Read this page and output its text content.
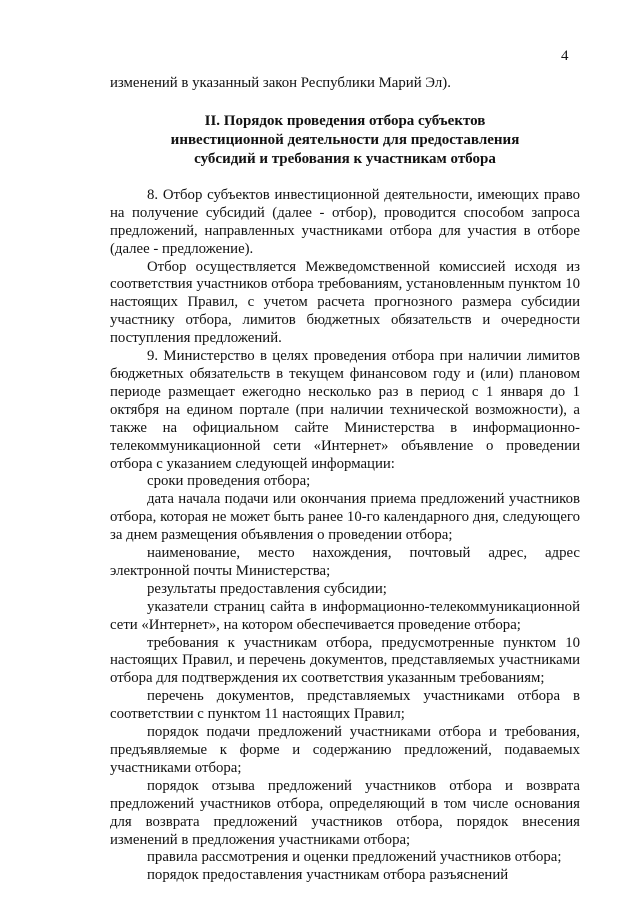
4

изменений в указанный закон Республики Марий Эл).

II. Порядок проведения отбора субъектов
инвестиционной деятельности для предоставления
субсидий и требования к участникам отбора

8. Отбор субъектов инвестиционной деятельности, имеющих право на получение субсидий (далее - отбор), проводится способом запроса предложений, направленных участниками отбора для участия в отборе (далее - предложение).

Отбор осуществляется Межведомственной комиссией исходя из соответствия участников отбора требованиям, установленным пунктом 10 настоящих Правил, с учетом расчета прогнозного размера субсидии участнику отбора, лимитов бюджетных обязательств и очередности поступления предложений.

9. Министерство в целях проведения отбора при наличии лимитов бюджетных обязательств в текущем финансовом году и (или) плановом периоде размещает ежегодно несколько раз в период с 1 января до 1 октября на едином портале (при наличии технической возможности), а также на официальном сайте Министерства в информационно-телекоммуникационной сети «Интернет» объявление о проведении отбора с указанием следующей информации:

сроки проведения отбора;

дата начала подачи или окончания приема предложений участников отбора, которая не может быть ранее 10-го календарного дня, следующего за днем размещения объявления о проведении отбора;

наименование, место нахождения, почтовый адрес, адрес электронной почты Министерства;

результаты предоставления субсидии;

указатели страниц сайта в информационно-телекоммуникационной сети «Интернет», на котором обеспечивается проведение отбора;

требования к участникам отбора, предусмотренные пунктом 10 настоящих Правил, и перечень документов, представляемых участниками отбора для подтверждения их соответствия указанным требованиям;

перечень документов, представляемых участниками отбора в соответствии с пунктом 11 настоящих Правил;

порядок подачи предложений участниками отбора и требования, предъявляемые к форме и содержанию предложений, подаваемых участниками отбора;

порядок отзыва предложений участников отбора и возврата предложений участников отбора, определяющий в том числе основания для возврата предложений участников отбора, порядок внесения изменений в предложения участниками отбора;

правила рассмотрения и оценки предложений участников отбора;

порядок предоставления участникам отбора разъяснений
